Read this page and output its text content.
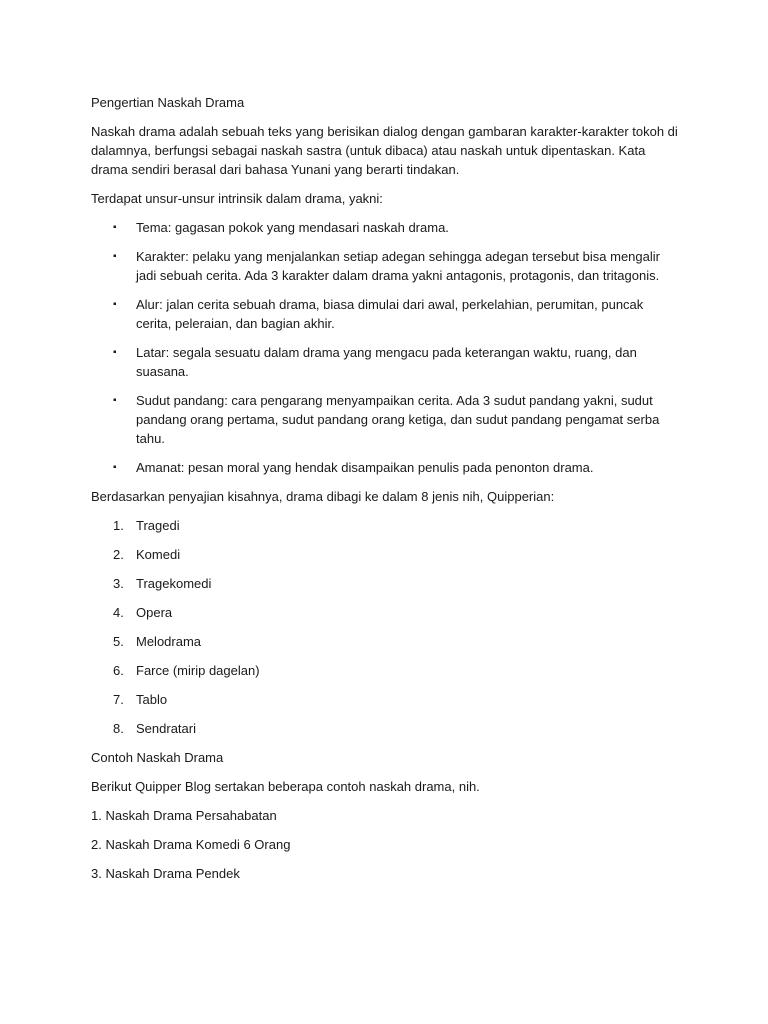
Pengertian Naskah Drama

Naskah drama adalah sebuah teks yang berisikan dialog dengan gambaran karakter-karakter tokoh di dalamnya, berfungsi sebagai naskah sastra (untuk dibaca) atau naskah untuk dipentaskan. Kata drama sendiri berasal dari bahasa Yunani yang berarti tindakan.

Terdapat unsur-unsur intrinsik dalam drama, yakni:

▪ Tema: gagasan pokok yang mendasari naskah drama.
▪ Karakter: pelaku yang menjalankan setiap adegan sehingga adegan tersebut bisa mengalir jadi sebuah cerita. Ada 3 karakter dalam drama yakni antagonis, protagonis, dan tritagonis.
▪ Alur: jalan cerita sebuah drama, biasa dimulai dari awal, perkelahian, perumitan, puncak cerita, peleraian, dan bagian akhir.
▪ Latar: segala sesuatu dalam drama yang mengacu pada keterangan waktu, ruang, dan suasana.
▪ Sudut pandang: cara pengarang menyampaikan cerita. Ada 3 sudut pandang yakni, sudut pandang orang pertama, sudut pandang orang ketiga, dan sudut pandang pengamat serba tahu.
▪ Amanat: pesan moral yang hendak disampaikan penulis pada penonton drama.

Berdasarkan penyajian kisahnya, drama dibagi ke dalam 8 jenis nih, Quipperian:

1. Tragedi
2. Komedi
3. Tragekomedi
4. Opera
5. Melodrama
6. Farce (mirip dagelan)
7. Tablo
8. Sendratari

Contoh Naskah Drama

Berikut Quipper Blog sertakan beberapa contoh naskah drama, nih.

1. Naskah Drama Persahabatan

2. Naskah Drama Komedi 6 Orang

3. Naskah Drama Pendek
